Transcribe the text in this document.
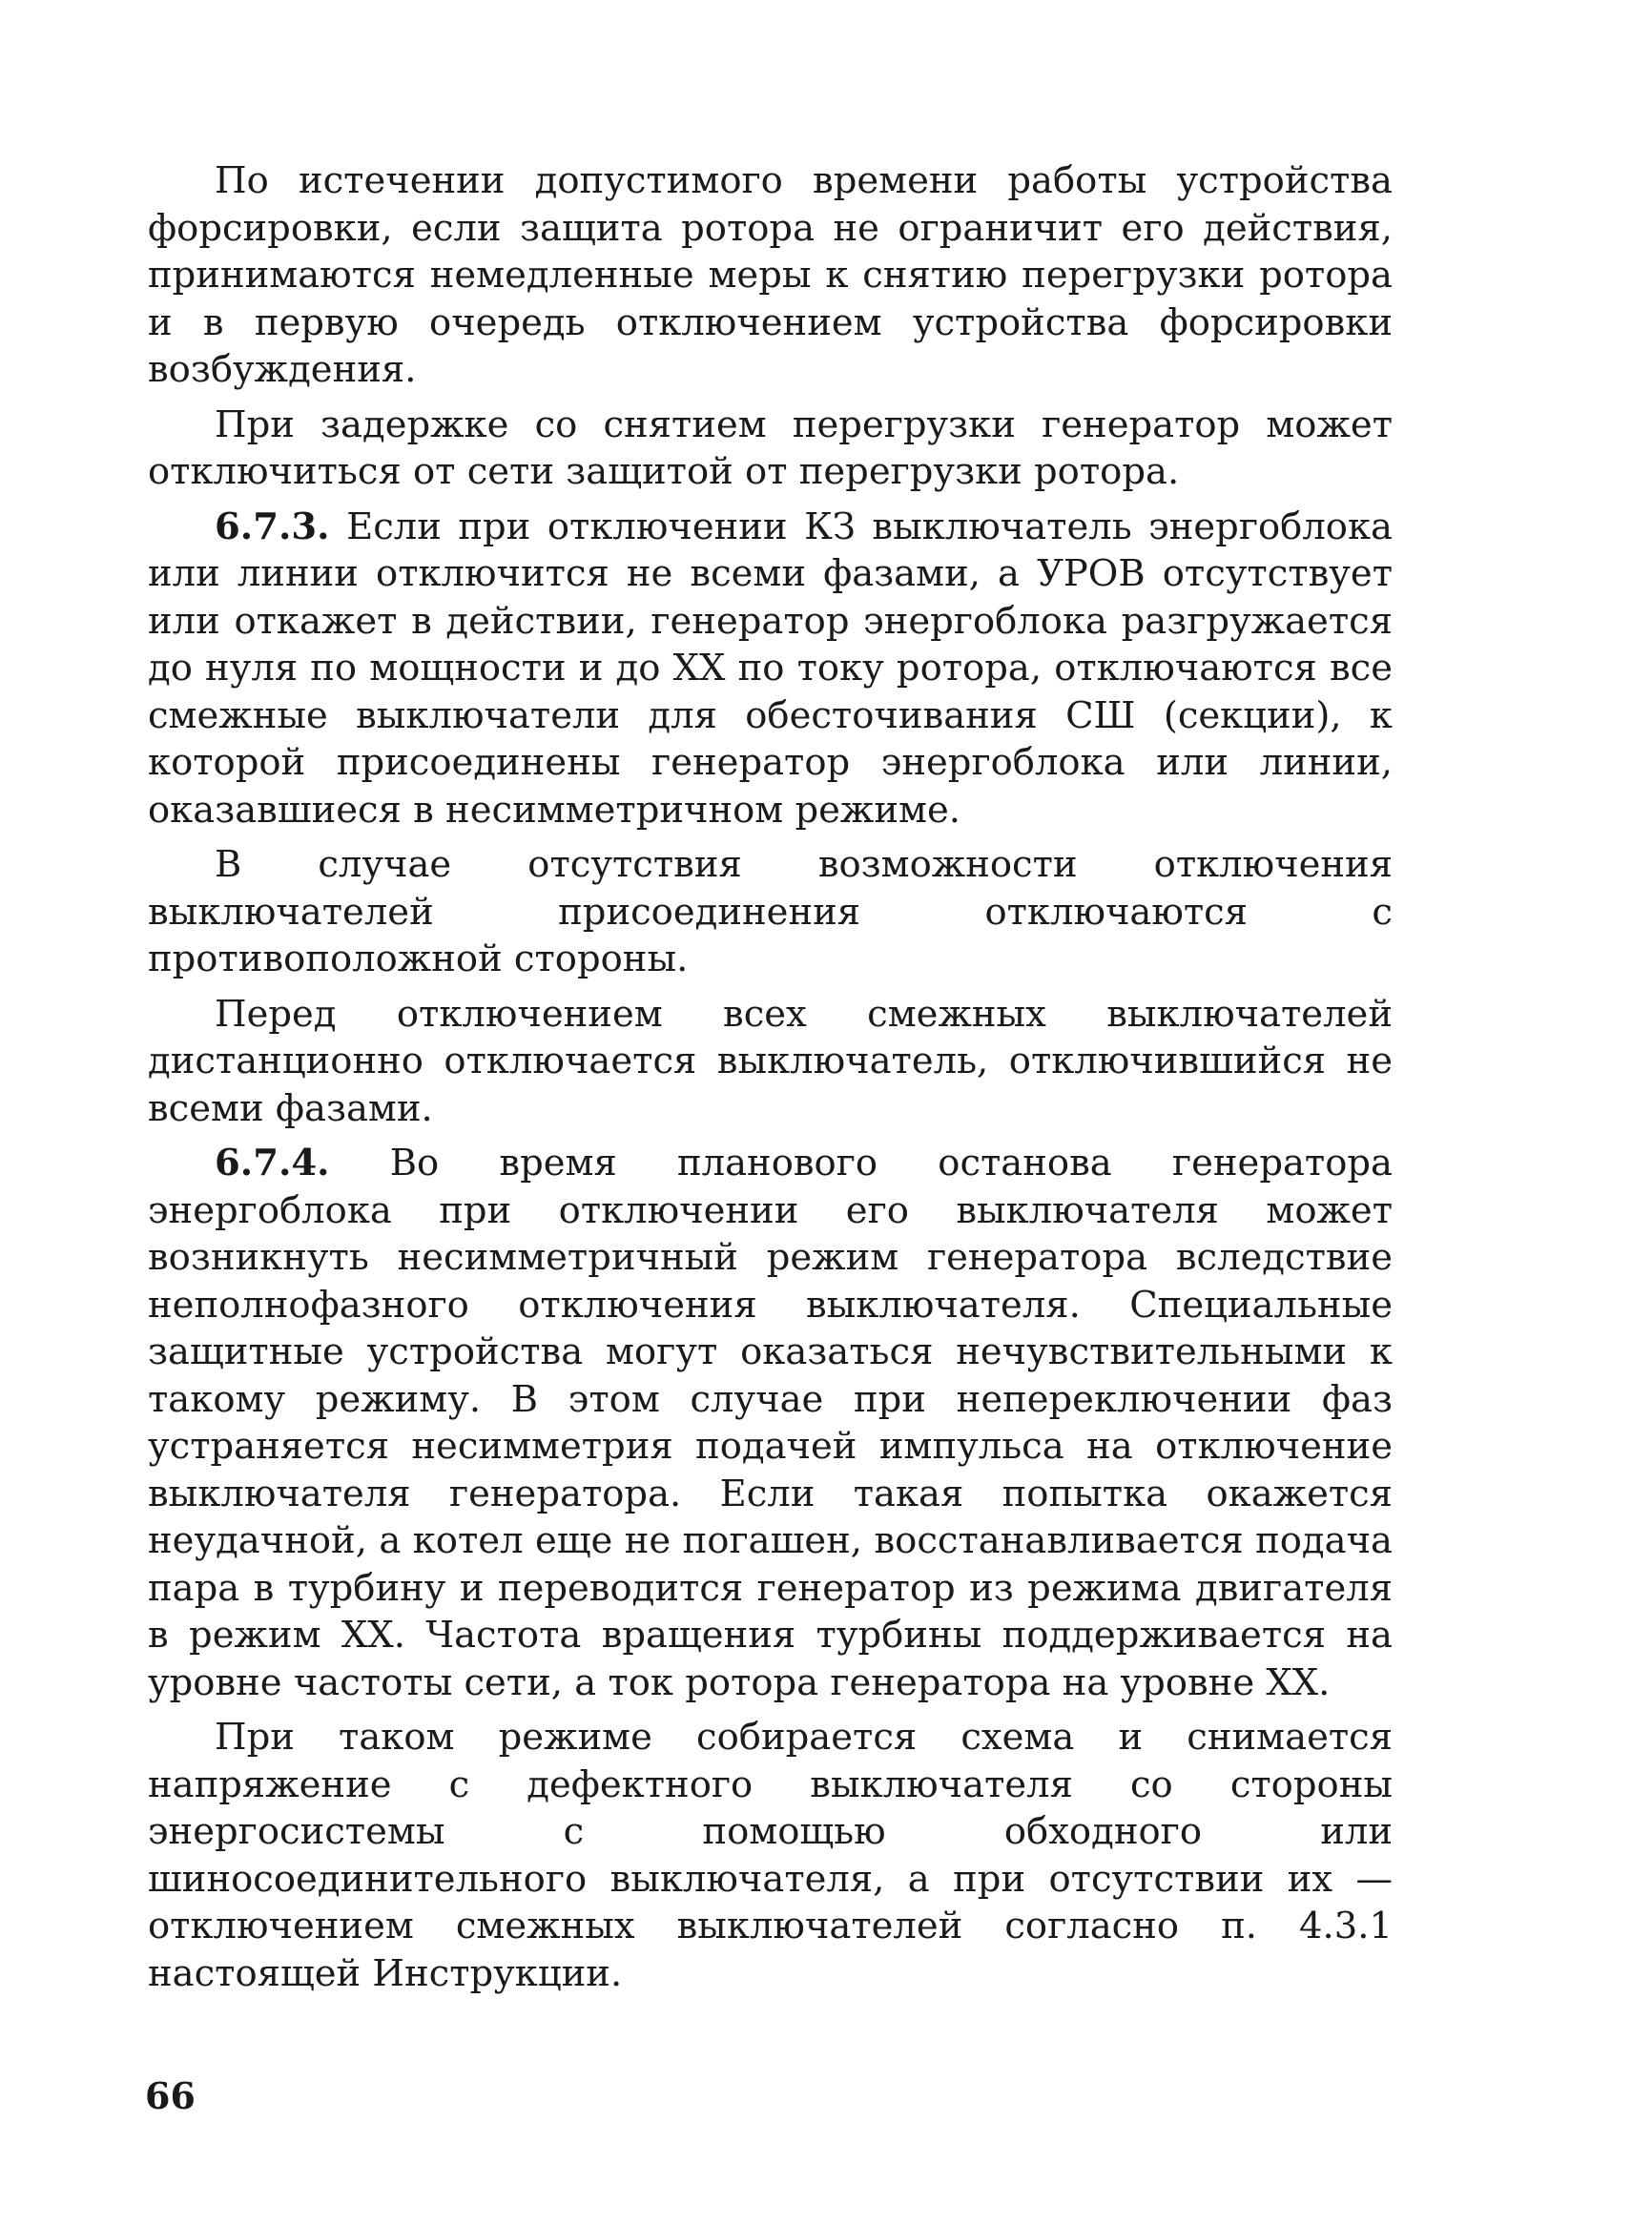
По истечении допустимого времени работы устройства форсировки, если защита ротора не ограничит его действия, принимаются немедленные меры к снятию перегрузки ротора и в первую очередь отключением устройства форсировки возбуждения.

При задержке со снятием перегрузки генератор может отключиться от сети защитой от перегрузки ротора.

6.7.3. Если при отключении КЗ выключатель энергоблока или линии отключится не всеми фазами, а УРОВ отсутствует или откажет в действии, генератор энергоблока разгружается до нуля по мощности и до ХХ по току ротора, отключаются все смежные выключатели для обесточивания СШ (секции), к которой присоединены генератор энергоблока или линии, оказавшиеся в несимметричном режиме.

В случае отсутствия возможности отключения выключателей присоединения отключаются с противоположной стороны.

Перед отключением всех смежных выключателей дистанционно отключается выключатель, отключившийся не всеми фазами.

6.7.4. Во время планового останова генератора энергоблока при отключении его выключателя может возникнуть несимметричный режим генератора вследствие неполнофазного отключения выключателя. Специальные защитные устройства могут оказаться нечувствительными к такому режиму. В этом случае при непереключении фаз устраняется несимметрия подачей импульса на отключение выключателя генератора. Если такая попытка окажется неудачной, а котел еще не погашен, восстанавливается подача пара в турбину и переводится генератор из режима двигателя в режим ХХ. Частота вращения турбины поддерживается на уровне частоты сети, а ток ротора генератора на уровне ХХ.

При таком режиме собирается схема и снимается напряжение с дефектного выключателя со стороны энергосистемы с помощью обходного или шиносоединительного выключателя, а при отсутствии их — отключением смежных выключателей согласно п. 4.3.1 настоящей Инструкции.

66
